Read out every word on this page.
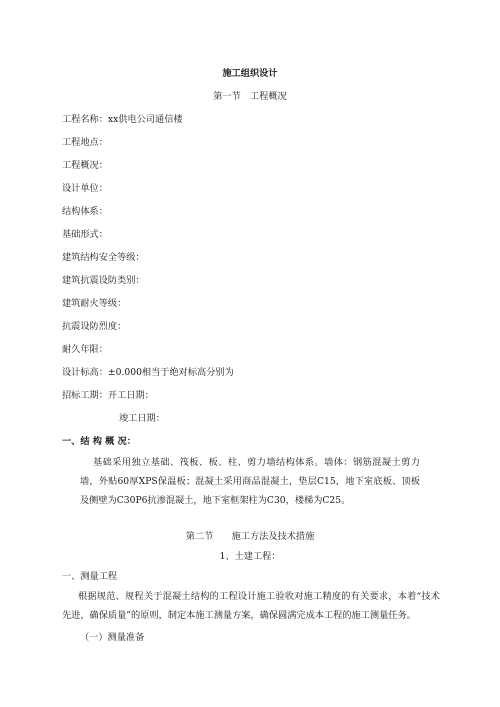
施工组织设计
第一节　工程概况
工程名称：xx供电公司通信楼
工程地点：
工程概况：
设计单位：
结构体系：
基础形式：
建筑结构安全等级：
建筑抗震设防类别：
建筑耐火等级：
抗震设防烈度：
耐久年限：
设计标高：±0.000相当于绝对标高分别为
招标工期：开工日期：
竣工日期：
一、结 构 概 况：
基础采用独立基础、筏板、板、柱、剪力墙结构体系。墙体：钢筋混凝土剪力墙，外贴60厚XPS保温板；混凝土采用商品混凝土，垫层C15，地下室底板、顶板及侧壁为C30P6抗渗混凝土，地下室框架柱为C30，楼梯为C25。
第二节　　施工方法及技术措施
1、土建工程：
一、测量工程
根据规范、规程关于混凝土结构的工程设计施工验收对施工精度的有关要求，本着“技术先进，确保质量”的原则，制定本施工测量方案，确保圆满完成本工程的施工测量任务。
（一）测量准备
